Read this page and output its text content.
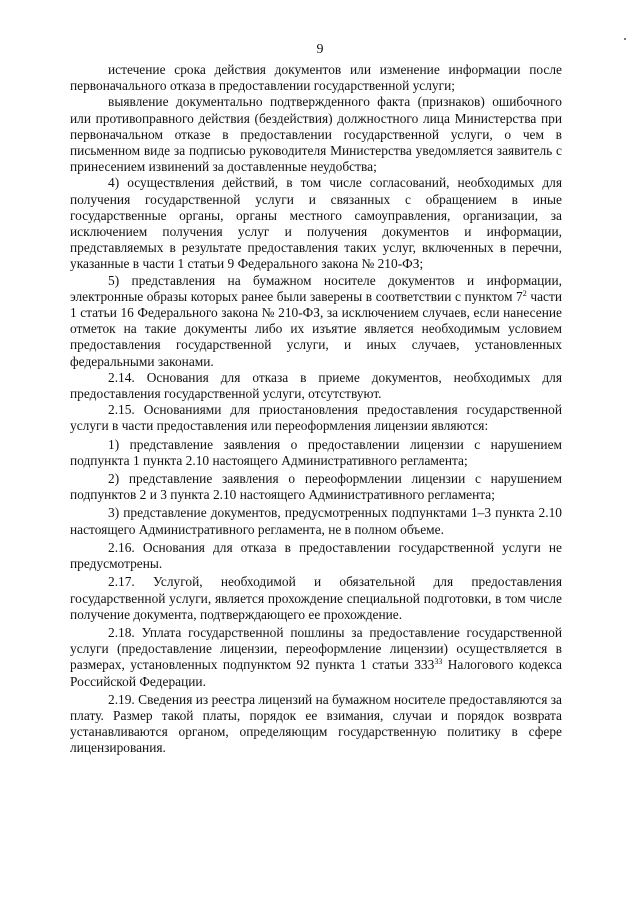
9

истечение срока действия документов или изменение информации после первоначального отказа в предоставлении государственной услуги;

выявление документально подтвержденного факта (признаков) ошибочного или противоправного действия (бездействия) должностного лица Министерства при первоначальном отказе в предоставлении государственной услуги, о чем в письменном виде за подписью руководителя Министерства уведомляется заявитель с принесением извинений за доставленные неудобства;

4) осуществления действий, в том числе согласований, необходимых для получения государственной услуги и связанных с обращением в иные государственные органы, органы местного самоуправления, организации, за исключением получения услуг и получения документов и информации, представляемых в результате предоставления таких услуг, включенных в перечни, указанные в части 1 статьи 9 Федерального закона № 210-ФЗ;

5) представления на бумажном носителе документов и информации, электронные образы которых ранее были заверены в соответствии с пунктом $7^2$ части 1 статьи 16 Федерального закона № 210-ФЗ, за исключением случаев, если нанесение отметок на такие документы либо их изъятие является необходимым условием предоставления государственной услуги, и иных случаев, установленных федеральными законами.

2.14. Основания для отказа в приеме документов, необходимых для предоставления государственной услуги, отсутствуют.

2.15. Основаниями для приостановления предоставления государственной услуги в части предоставления или переоформления лицензии являются:

1) представление заявления о предоставлении лицензии с нарушением подпункта 1 пункта 2.10 настоящего Административного регламента;

2) представление заявления о переоформлении лицензии с нарушением подпунктов 2 и 3 пункта 2.10 настоящего Административного регламента;

3) представление документов, предусмотренных подпунктами 1–3 пункта 2.10 настоящего Административного регламента, не в полном объеме.

2.16. Основания для отказа в предоставлении государственной услуги не предусмотрены.

2.17. Услугой, необходимой и обязательной для предоставления государственной услуги, является прохождение специальной подготовки, в том числе получение документа, подтверждающего ее прохождение.

2.18. Уплата государственной пошлины за предоставление государственной услуги (предоставление лицензии, переоформление лицензии) осуществляется в размерах, установленных подпунктом 92 пункта 1 статьи $333^{33}$ Налогового кодекса Российской Федерации.

2.19. Сведения из реестра лицензий на бумажном носителе предоставляются за плату. Размер такой платы, порядок ее взимания, случаи и порядок возврата устанавливаются органом, определяющим государственную политику в сфере лицензирования.
